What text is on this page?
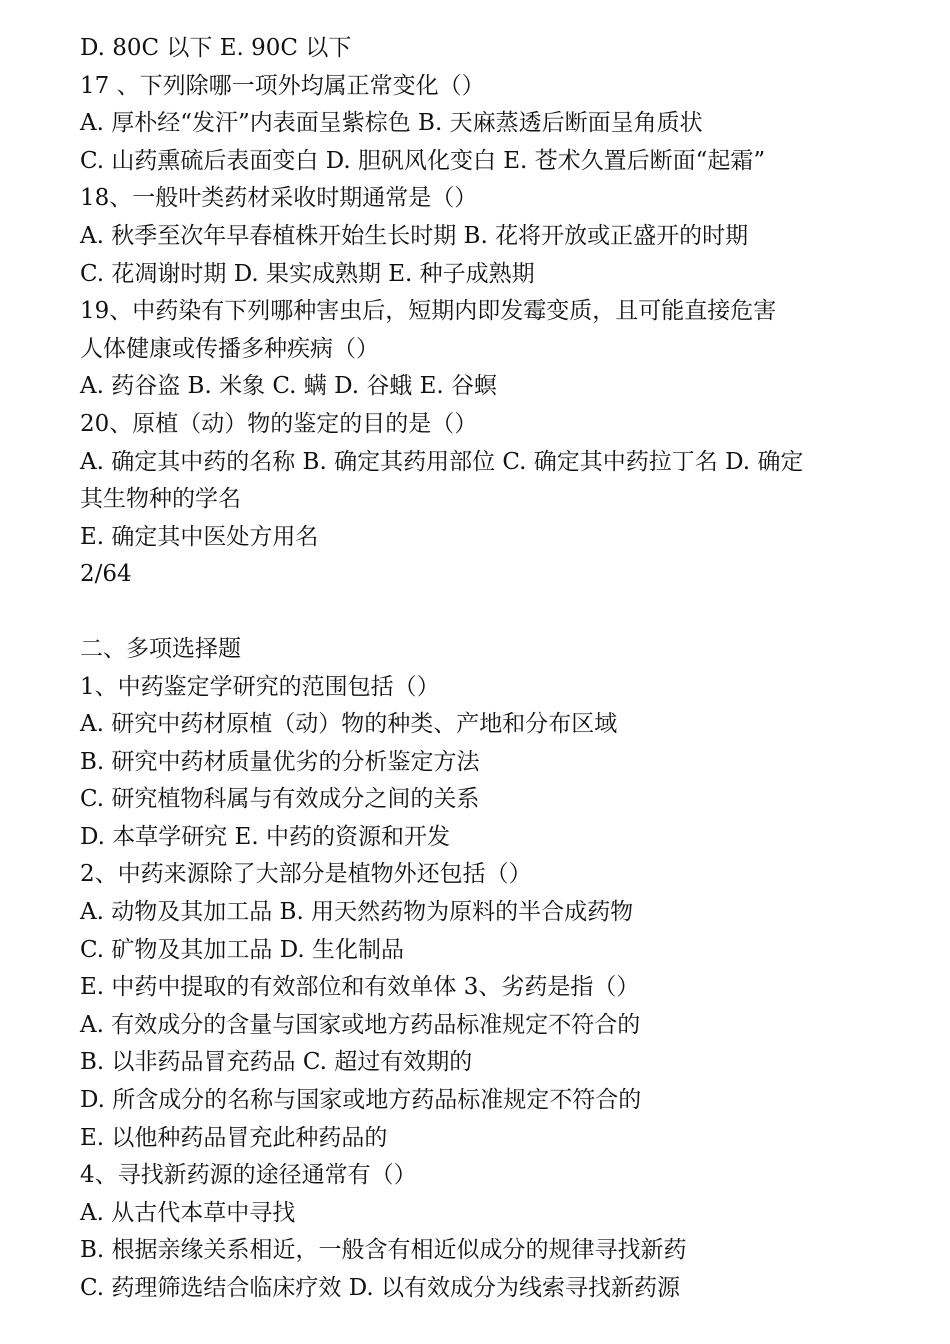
D. 80C 以下 E. 90C 以下

17 、下列除哪一项外均属正常变化（）

A. 厚朴经“发汗”内表面呈紫棕色 B. 天麻蒸透后断面呈角质状

C. 山药熏硫后表面变白 D. 胆矾风化变白 E. 苍术久置后断面“起霜”

18、一般叶类药材采收时期通常是（）

A. 秋季至次年早春植株开始生长时期 B. 花将开放或正盛开的时期

C. 花凋谢时期 D. 果实成熟期 E. 种子成熟期

19、中药染有下列哪种害虫后，短期内即发霉变质，且可能直接危害

人体健康或传播多种疾病（）

A. 药谷盗 B. 米象 C. 螨 D. 谷蛾 E. 谷螟

20、原植（动）物的鉴定的目的是（）

A. 确定其中药的名称 B. 确定其药用部位 C. 确定其中药拉丁名 D. 确定

其生物种的学名

E. 确定其中医处方用名

2/64

二、多项选择题

1、中药鉴定学研究的范围包括（）

A. 研究中药材原植（动）物的种类、产地和分布区域

B. 研究中药材质量优劣的分析鉴定方法

C. 研究植物科属与有效成分之间的关系

D. 本草学研究 E. 中药的资源和开发

2、中药来源除了大部分是植物外还包括（）

A. 动物及其加工品 B. 用天然药物为原料的半合成药物

C. 矿物及其加工品 D. 生化制品

E. 中药中提取的有效部位和有效单体 3、劣药是指（）

A. 有效成分的含量与国家或地方药品标准规定不符合的

B. 以非药品冒充药品 C. 超过有效期的

D. 所含成分的名称与国家或地方药品标准规定不符合的

E. 以他种药品冒充此种药品的

4、寻找新药源的途径通常有（）

A. 从古代本草中寻找

B. 根据亲缘关系相近，一般含有相近似成分的规律寻找新药

C. 药理筛选结合临床疗效 D. 以有效成分为线索寻找新药源
